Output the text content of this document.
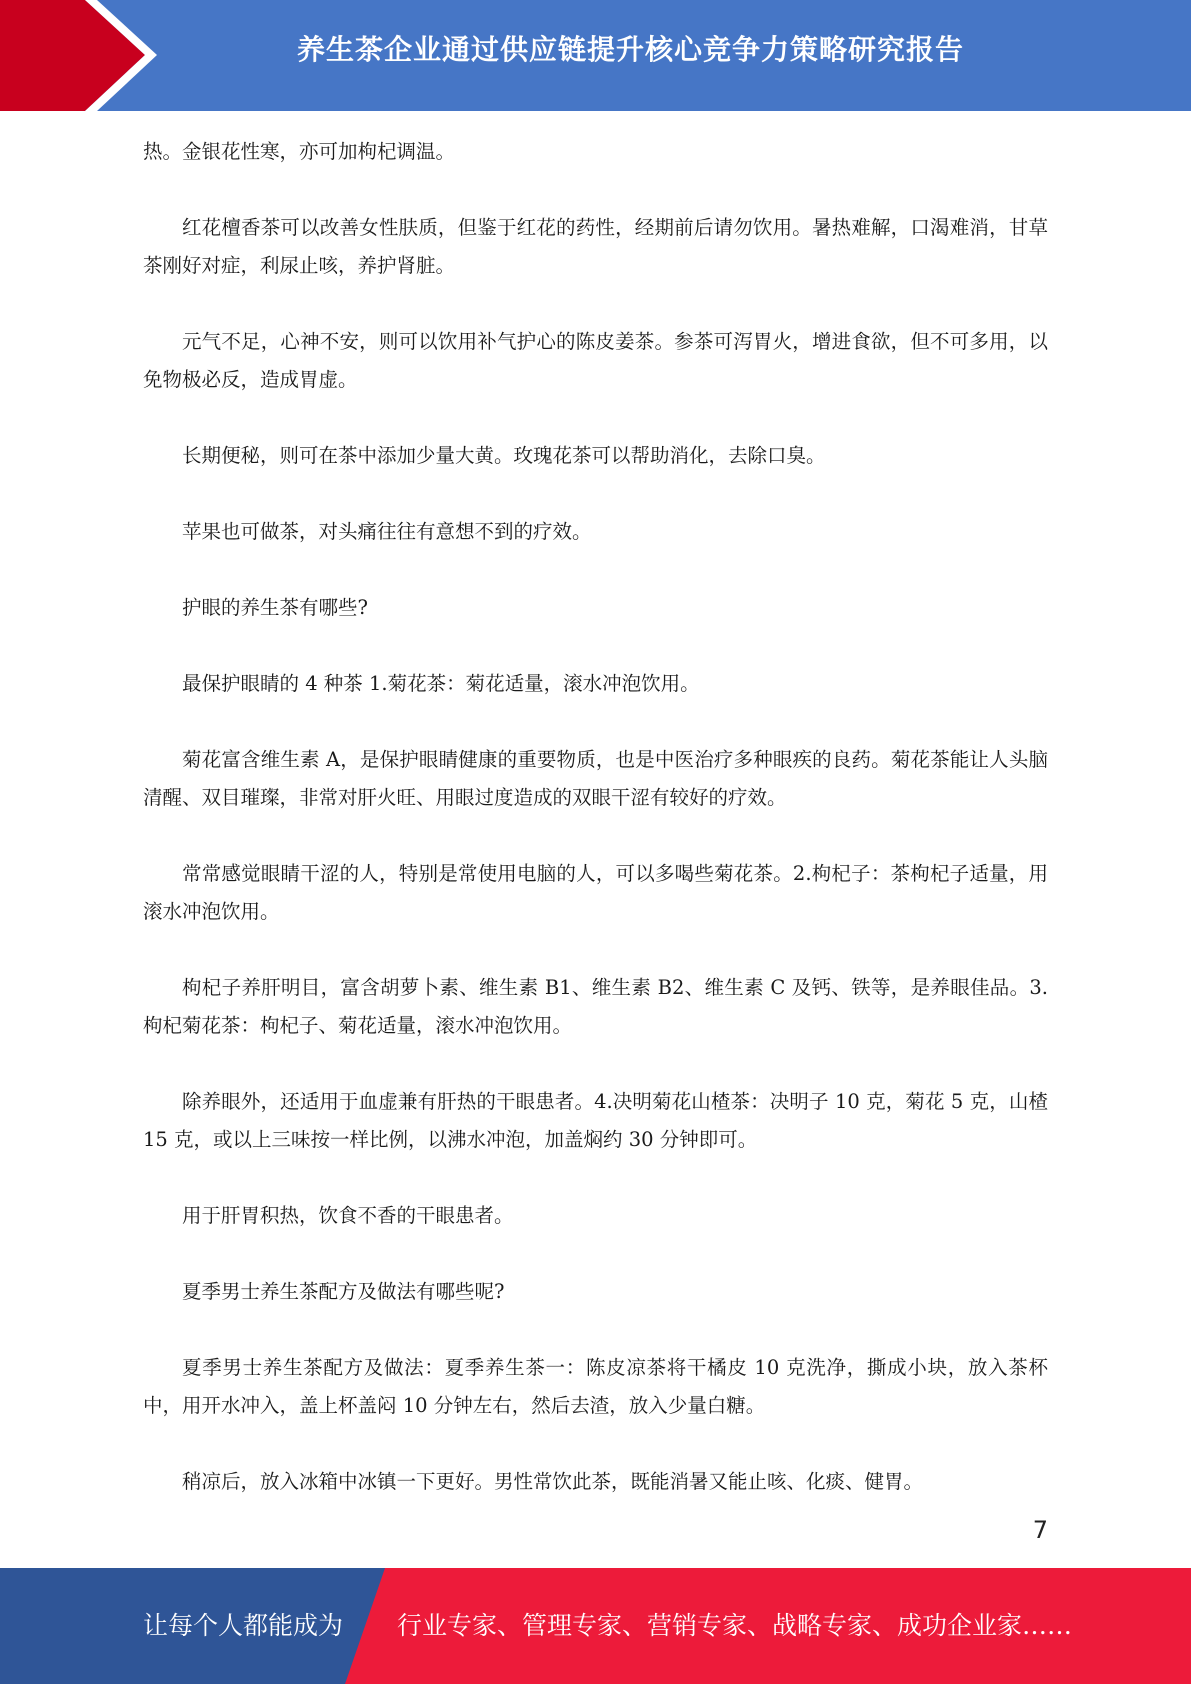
养生茶企业通过供应链提升核心竞争力策略研究报告

热。金银花性寒，亦可加枸杞调温。

红花檀香茶可以改善女性肤质，但鉴于红花的药性，经期前后请勿饮用。暑热难解，口渴难消，甘草茶刚好对症，利尿止咳，养护肾脏。

元气不足，心神不安，则可以饮用补气护心的陈皮姜茶。参茶可泻胃火，增进食欲，但不可多用，以免物极必反，造成胃虚。

长期便秘，则可在茶中添加少量大黄。玫瑰花茶可以帮助消化，去除口臭。

苹果也可做茶，对头痛往往有意想不到的疗效。

护眼的养生茶有哪些?

最保护眼睛的 4 种茶 1.菊花茶：菊花适量，滚水冲泡饮用。

菊花富含维生素 A，是保护眼睛健康的重要物质，也是中医治疗多种眼疾的良药。菊花茶能让人头脑清醒、双目璀璨，非常对肝火旺、用眼过度造成的双眼干涩有较好的疗效。

常常感觉眼睛干涩的人，特别是常使用电脑的人，可以多喝些菊花茶。2.枸杞子：茶枸杞子适量，用滚水冲泡饮用。

枸杞子养肝明目，富含胡萝卜素、维生素 B1、维生素 B2、维生素 C 及钙、铁等，是养眼佳品。3.枸杞菊花茶：枸杞子、菊花适量，滚水冲泡饮用。

除养眼外，还适用于血虚兼有肝热的干眼患者。4.决明菊花山楂茶：决明子 10 克，菊花 5 克，山楂 15 克，或以上三味按一样比例，以沸水冲泡，加盖焖约 30 分钟即可。

用于肝胃积热，饮食不香的干眼患者。

夏季男士养生茶配方及做法有哪些呢?

夏季男士养生茶配方及做法：夏季养生茶一：陈皮凉茶将干橘皮 10 克洗净，撕成小块，放入茶杯中，用开水冲入，盖上杯盖闷 10 分钟左右，然后去渣，放入少量白糖。

稍凉后，放入冰箱中冰镇一下更好。男性常饮此茶，既能消暑又能止咳、化痰、健胃。

7
让每个人都能成为 行业专家、管理专家、营销专家、战略专家、成功企业家……
